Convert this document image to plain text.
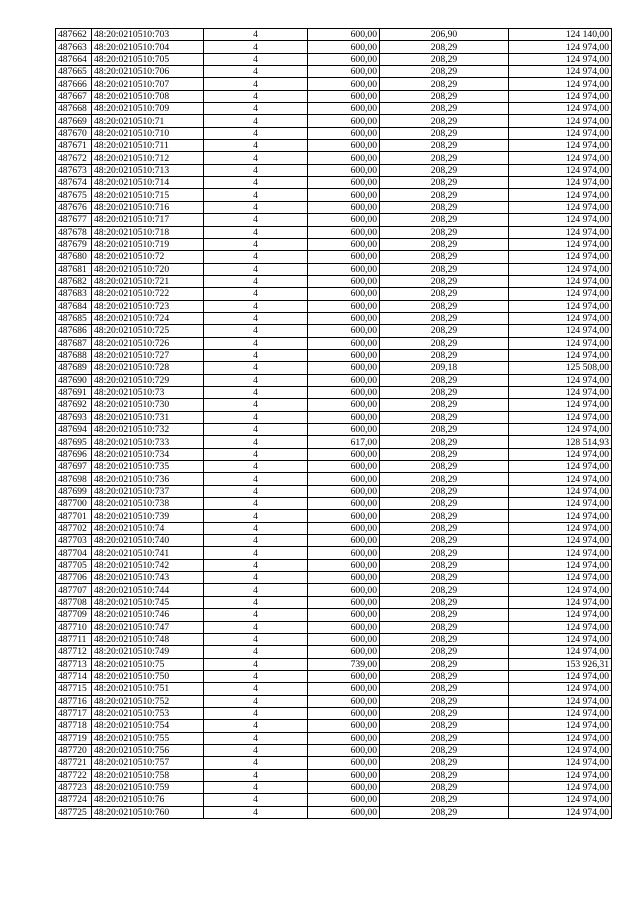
487662	48:20:0210510:703	4	600,00	206,90	124 140,00
487663	48:20:0210510:704	4	600,00	208,29	124 974,00
487664	48:20:0210510:705	4	600,00	208,29	124 974,00
487665	48:20:0210510:706	4	600,00	208,29	124 974,00
487666	48:20:0210510:707	4	600,00	208,29	124 974,00
487667	48:20:0210510:708	4	600,00	208,29	124 974,00
487668	48:20:0210510:709	4	600,00	208,29	124 974,00
487669	48:20:0210510:71	4	600,00	208,29	124 974,00
487670	48:20:0210510:710	4	600,00	208,29	124 974,00
487671	48:20:0210510:711	4	600,00	208,29	124 974,00
487672	48:20:0210510:712	4	600,00	208,29	124 974,00
487673	48:20:0210510:713	4	600,00	208,29	124 974,00
487674	48:20:0210510:714	4	600,00	208,29	124 974,00
487675	48:20:0210510:715	4	600,00	208,29	124 974,00
487676	48:20:0210510:716	4	600,00	208,29	124 974,00
487677	48:20:0210510:717	4	600,00	208,29	124 974,00
487678	48:20:0210510:718	4	600,00	208,29	124 974,00
487679	48:20:0210510:719	4	600,00	208,29	124 974,00
487680	48:20:0210510:72	4	600,00	208,29	124 974,00
487681	48:20:0210510:720	4	600,00	208,29	124 974,00
487682	48:20:0210510:721	4	600,00	208,29	124 974,00
487683	48:20:0210510:722	4	600,00	208,29	124 974,00
487684	48:20:0210510:723	4	600,00	208,29	124 974,00
487685	48:20:0210510:724	4	600,00	208,29	124 974,00
487686	48:20:0210510:725	4	600,00	208,29	124 974,00
487687	48:20:0210510:726	4	600,00	208,29	124 974,00
487688	48:20:0210510:727	4	600,00	208,29	124 974,00
487689	48:20:0210510:728	4	600,00	209,18	125 508,00
487690	48:20:0210510:729	4	600,00	208,29	124 974,00
487691	48:20:0210510:73	4	600,00	208,29	124 974,00
487692	48:20:0210510:730	4	600,00	208,29	124 974,00
487693	48:20:0210510:731	4	600,00	208,29	124 974,00
487694	48:20:0210510:732	4	600,00	208,29	124 974,00
487695	48:20:0210510:733	4	617,00	208,29	128 514,93
487696	48:20:0210510:734	4	600,00	208,29	124 974,00
487697	48:20:0210510:735	4	600,00	208,29	124 974,00
487698	48:20:0210510:736	4	600,00	208,29	124 974,00
487699	48:20:0210510:737	4	600,00	208,29	124 974,00
487700	48:20:0210510:738	4	600,00	208,29	124 974,00
487701	48:20:0210510:739	4	600,00	208,29	124 974,00
487702	48:20:0210510:74	4	600,00	208,29	124 974,00
487703	48:20:0210510:740	4	600,00	208,29	124 974,00
487704	48:20:0210510:741	4	600,00	208,29	124 974,00
487705	48:20:0210510:742	4	600,00	208,29	124 974,00
487706	48:20:0210510:743	4	600,00	208,29	124 974,00
487707	48:20:0210510:744	4	600,00	208,29	124 974,00
487708	48:20:0210510:745	4	600,00	208,29	124 974,00
487709	48:20:0210510:746	4	600,00	208,29	124 974,00
487710	48:20:0210510:747	4	600,00	208,29	124 974,00
487711	48:20:0210510:748	4	600,00	208,29	124 974,00
487712	48:20:0210510:749	4	600,00	208,29	124 974,00
487713	48:20:0210510:75	4	739,00	208,29	153 926,31
487714	48:20:0210510:750	4	600,00	208,29	124 974,00
487715	48:20:0210510:751	4	600,00	208,29	124 974,00
487716	48:20:0210510:752	4	600,00	208,29	124 974,00
487717	48:20:0210510:753	4	600,00	208,29	124 974,00
487718	48:20:0210510:754	4	600,00	208,29	124 974,00
487719	48:20:0210510:755	4	600,00	208,29	124 974,00
487720	48:20:0210510:756	4	600,00	208,29	124 974,00
487721	48:20:0210510:757	4	600,00	208,29	124 974,00
487722	48:20:0210510:758	4	600,00	208,29	124 974,00
487723	48:20:0210510:759	4	600,00	208,29	124 974,00
487724	48:20:0210510:76	4	600,00	208,29	124 974,00
487725	48:20:0210510:760	4	600,00	208,29	124 974,00
